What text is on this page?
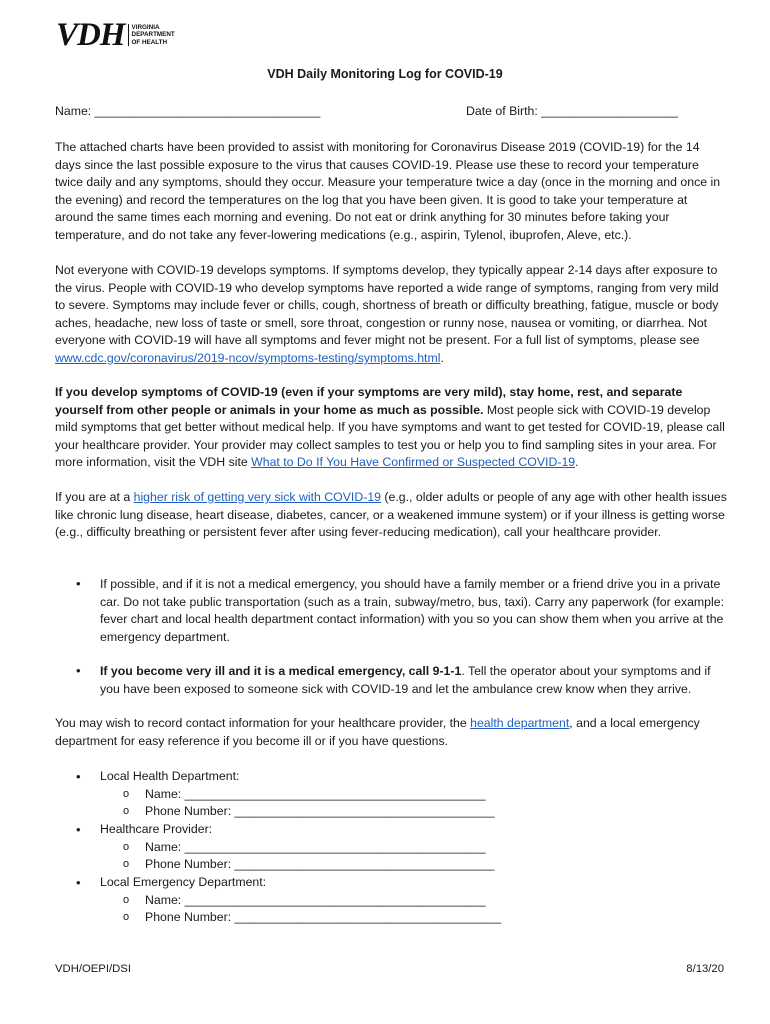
VDH VIRGINIA
DEPARTMENT
OF HEALTH
VDH Daily Monitoring Log for COVID-19
Name: _________________________________	Date of Birth: ____________________
The attached charts have been provided to assist with monitoring for Coronavirus Disease 2019 (COVID-19) for the 14 days since the last possible exposure to the virus that causes COVID-19. Please use these to record your temperature twice daily and any symptoms, should they occur. Measure your temperature twice a day (once in the morning and once in the evening) and record the temperatures on the log that you have been given. It is good to take your temperature at around the same times each morning and evening. Do not eat or drink anything for 30 minutes before taking your temperature, and do not take any fever-lowering medications (e.g., aspirin, Tylenol, ibuprofen, Aleve, etc.).
Not everyone with COVID-19 develops symptoms. If symptoms develop, they typically appear 2-14 days after exposure to the virus. People with COVID-19 who develop symptoms have reported a wide range of symptoms, ranging from very mild to severe. Symptoms may include fever or chills, cough, shortness of breath or difficulty breathing, fatigue, muscle or body aches, headache, new loss of taste or smell, sore throat, congestion or runny nose, nausea or vomiting, or diarrhea. Not everyone with COVID-19 will have all symptoms and fever might not be present. For a full list of symptoms, please see www.cdc.gov/coronavirus/2019-ncov/symptoms-testing/symptoms.html.
If you develop symptoms of COVID-19 (even if your symptoms are very mild), stay home, rest, and separate yourself from other people or animals in your home as much as possible. Most people sick with COVID-19 develop mild symptoms that get better without medical help. If you have symptoms and want to get tested for COVID-19, please call your healthcare provider. Your provider may collect samples to test you or help you to find sampling sites in your area. For more information, visit the VDH site What to Do If You Have Confirmed or Suspected COVID-19.
If you are at a higher risk of getting very sick with COVID-19 (e.g., older adults or people of any age with other health issues like chronic lung disease, heart disease, diabetes, cancer, or a weakened immune system) or if your illness is getting worse (e.g., difficulty breathing or persistent fever after using fever-reducing medication), call your healthcare provider.
• If possible, and if it is not a medical emergency, you should have a family member or a friend drive you in a private car. Do not take public transportation (such as a train, subway/metro, bus, taxi). Carry any paperwork (for example: fever chart and local health department contact information) with you so you can show them when you arrive at the emergency department.
• If you become very ill and it is a medical emergency, call 9-1-1. Tell the operator about your symptoms and if you have been exposed to someone sick with COVID-19 and let the ambulance crew know when they arrive.
You may wish to record contact information for your healthcare provider, the health department, and a local emergency department for easy reference if you become ill or if you have questions.
• Local Health Department:
o Name: ____________________________________________
o Phone Number: ______________________________________
• Healthcare Provider:
o Name: ____________________________________________
o Phone Number: ______________________________________
• Local Emergency Department:
o Name: ____________________________________________
o Phone Number: _______________________________________
VDH/OEPI/DSI	8/13/20
